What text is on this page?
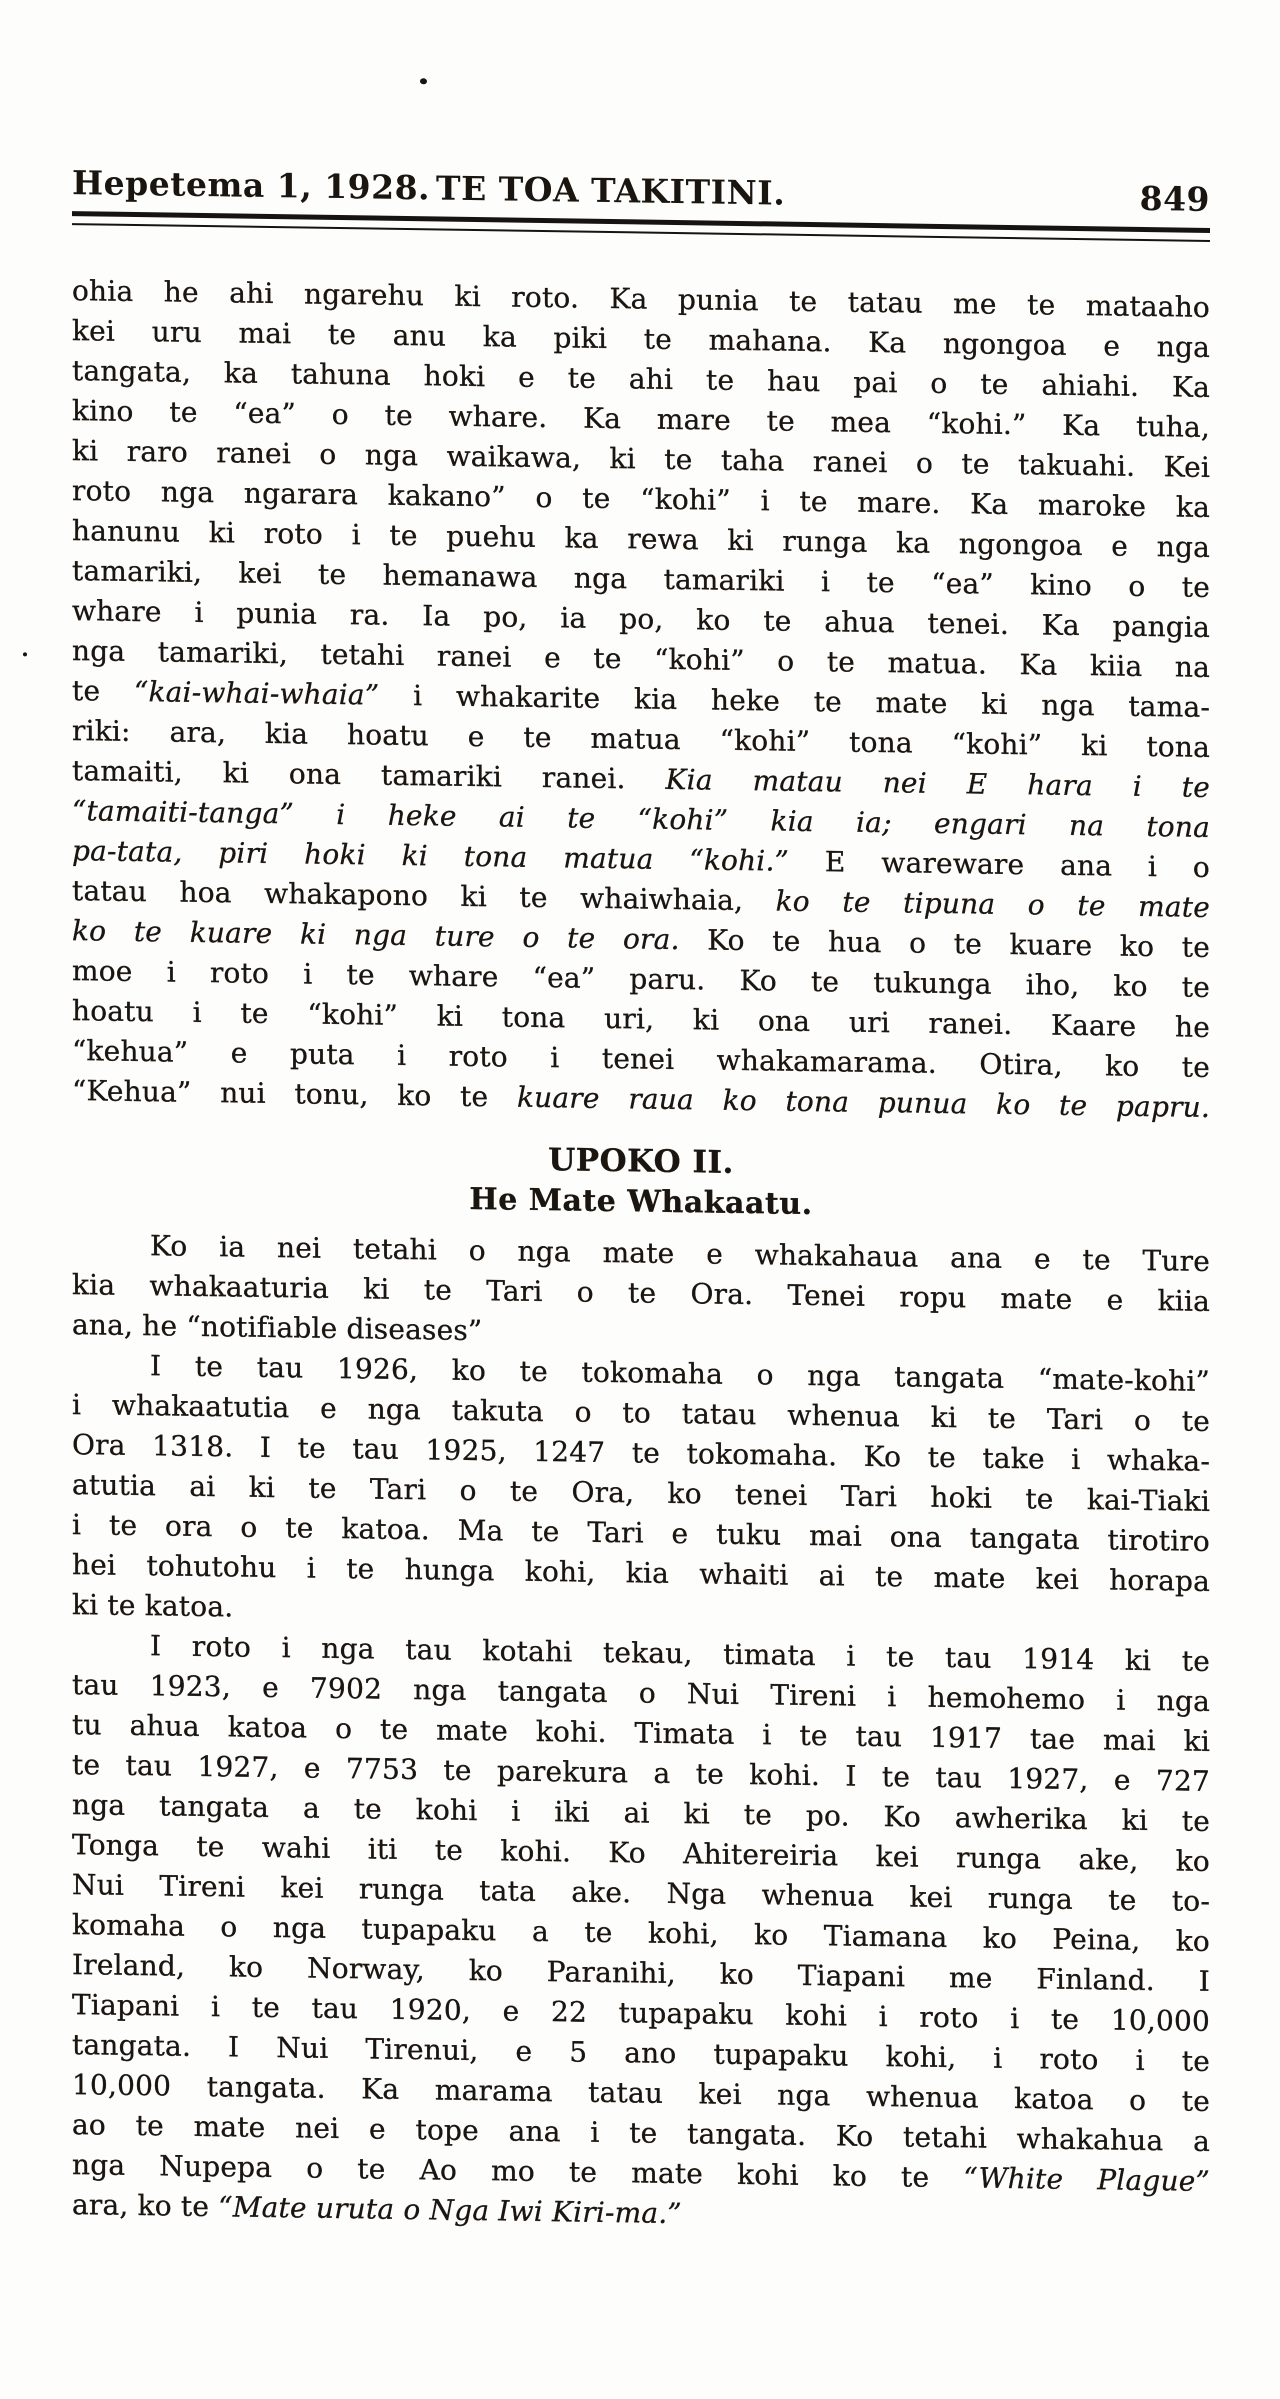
Hepetema 1, 1928. TE TOA TAKITINI.	849
ohia he ahi ngarehu ki roto. Ka punia te tatau me te mataaho
kei uru mai te anu ka piki te mahana. Ka ngongoa e nga
tangata, ka tahuna hoki e te ahi te hau pai o te ahiahi. Ka
kino te “ea” o te whare. Ka mare te mea “kohi.” Ka tuha,
ki raro ranei o nga waikawa, ki te taha ranei o te takuahi. Kei
roto nga ngarara kakano” o te “kohi” i te mare. Ka maroke ka
hanunu ki roto i te puehu ka rewa ki runga ka ngongoa e nga
tamariki, kei te hemanawa nga tamariki i te “ea” kino o te
whare i punia ra. Ia po, ia po, ko te ahua tenei. Ka pangia
nga tamariki, tetahi ranei e te “kohi” o te matua. Ka kiia na
te “kai-whai-whaia” i whakarite kia heke te mate ki nga tama-
riki: ara, kia hoatu e te matua “kohi” tona “kohi” ki tona
tamaiti, ki ona tamariki ranei. Kia matau nei E hara i te
“tamaiti-tanga” i heke ai te “kohi” kia ia; engari na tona
pa-tata, piri hoki ki tona matua “kohi.” E wareware ana i o
tatau hoa whakapono ki te whaiwhaia, ko te tipuna o te mate
ko te kuare ki nga ture o te ora. Ko te hua o te kuare ko te
moe i roto i te whare “ea” paru. Ko te tukunga iho, ko te
hoatu i te “kohi” ki tona uri, ki ona uri ranei. Kaare he
“kehua” e puta i roto i tenei whakamarama. Otira, ko te
“Kehua” nui tonu, ko te kuare raua ko tona punua ko te papru.
UPOKO II.
He Mate Whakaatu.
Ko ia nei tetahi o nga mate e whakahaua ana e te Ture
kia whakaaturia ki te Tari o te Ora. Tenei ropu mate e kiia
ana, he “notifiable diseases”
I te tau 1926, ko te tokomaha o nga tangata “mate-kohi”
i whakaatutia e nga takuta o to tatau whenua ki te Tari o te
Ora 1318. I te tau 1925, 1247 te tokomaha. Ko te take i whaka-
atutia ai ki te Tari o te Ora, ko tenei Tari hoki te kai-Tiaki
i te ora o te katoa. Ma te Tari e tuku mai ona tangata tirotiro
hei tohutohu i te hunga kohi, kia whaiti ai te mate kei horapa
ki te katoa.
I roto i nga tau kotahi tekau, timata i te tau 1914 ki te
tau 1923, e 7902 nga tangata o Nui Tireni i hemohemo i nga
tu ahua katoa o te mate kohi. Timata i te tau 1917 tae mai ki
te tau 1927, e 7753 te parekura a te kohi. I te tau 1927, e 727
nga tangata a te kohi i iki ai ki te po. Ko awherika ki te
Tonga te wahi iti te kohi. Ko Ahitereiria kei runga ake, ko
Nui Tireni kei runga tata ake. Nga whenua kei runga te to-
komaha o nga tupapaku a te kohi, ko Tiamana ko Peina, ko
Ireland, ko Norway, ko Paranihi, ko Tiapani me Finland. I
Tiapani i te tau 1920, e 22 tupapaku kohi i roto i te 10,000
tangata. I Nui Tirenui, e 5 ano tupapaku kohi, i roto i te
10,000 tangata. Ka marama tatau kei nga whenua katoa o te
ao te mate nei e tope ana i te tangata. Ko tetahi whakahua a
nga Nupepa o te Ao mo te mate kohi ko te “White Plague”
ara, ko te “Mate uruta o Nga Iwi Kiri-ma.”
